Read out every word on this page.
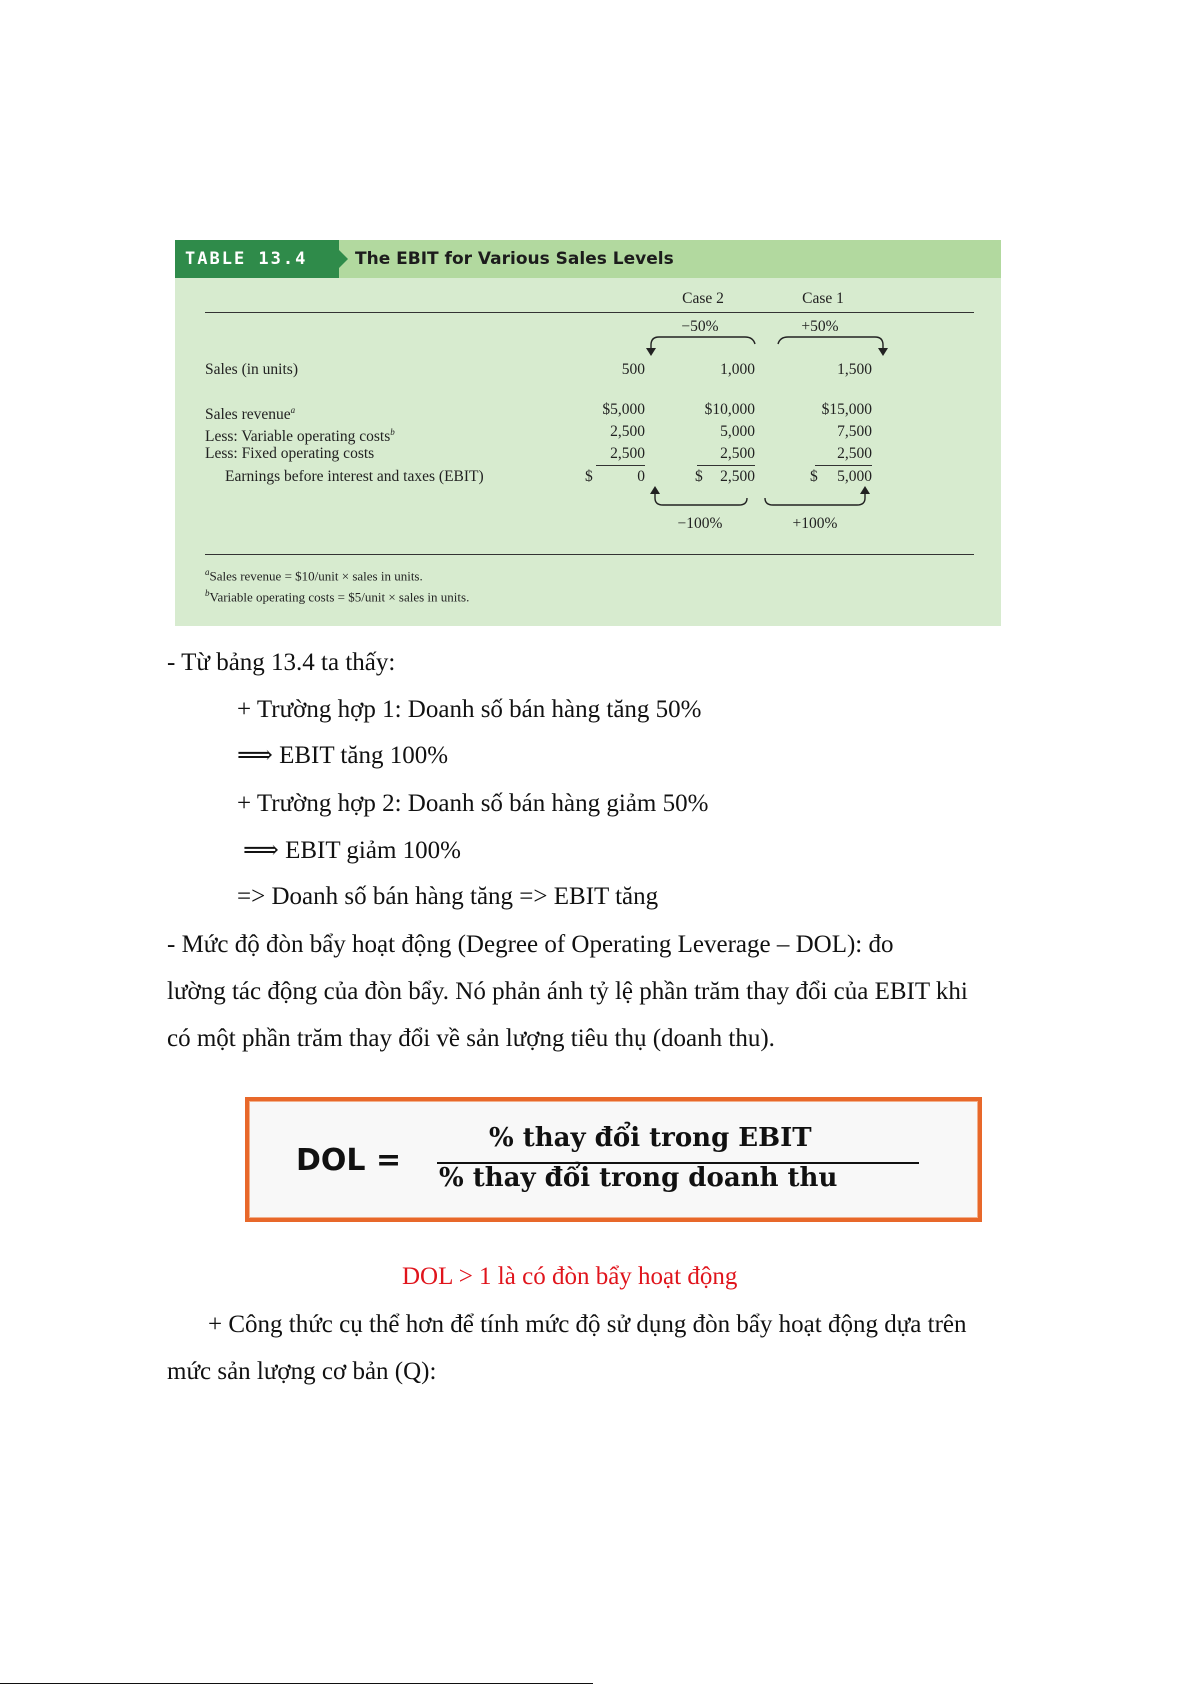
TABLE 13.4	The EBIT for Various Sales Levels
Case 2	Case 1
−50%	+50%
Sales (in units)	500	1,000	1,500
Sales revenue$^a$	$5,000	$10,000	$15,000
Less: Variable operating costs$^b$	2,500	5,000	7,500
Less: Fixed operating costs	2,500	2,500	2,500
Earnings before interest and taxes (EBIT)	$	0	$	2,500	$	5,000
−100%	+100%
$^a$Sales revenue = $10/unit × sales in units.
$^b$Variable operating costs = $5/unit × sales in units.
- Từ bảng 13.4 ta thấy:
+ Trường hợp 1: Doanh số bán hàng tăng 50%
⟹ EBIT tăng 100%
+ Trường hợp 2: Doanh số bán hàng giảm 50%
⟹ EBIT giảm 100%
=> Doanh số bán hàng tăng => EBIT tăng
- Mức độ đòn bẩy hoạt động (Degree of Operating Leverage – DOL): đo
lường tác động của đòn bẩy. Nó phản ánh tỷ lệ phần trăm thay đổi của EBIT khi
có một phần trăm thay đổi về sản lượng tiêu thụ (doanh thu).
DOL =
% thay đổi trong EBIT
% thay đổi trong doanh thu
DOL > 1 là có đòn bẩy hoạt động
+ Công thức cụ thể hơn để tính mức độ sử dụng đòn bẩy hoạt động dựa trên
mức sản lượng cơ bản (Q):
